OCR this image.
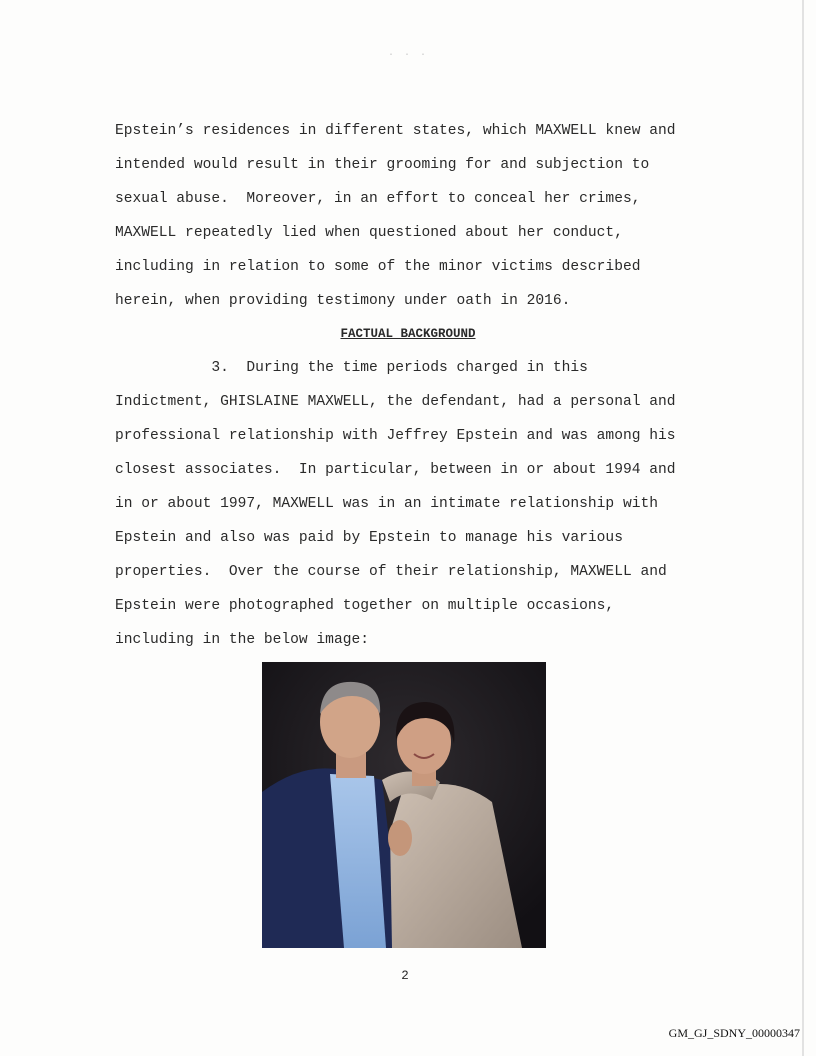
· · ·
Epstein’s residences in different states, which MAXWELL knew and
intended would result in their grooming for and subjection to
sexual abuse.  Moreover, in an effort to conceal her crimes,
MAXWELL repeatedly lied when questioned about her conduct,
including in relation to some of the minor victims described
herein, when providing testimony under oath in 2016.
FACTUAL BACKGROUND
3.  During the time periods charged in this
Indictment, GHISLAINE MAXWELL, the defendant, had a personal and
professional relationship with Jeffrey Epstein and was among his
closest associates.  In particular, between in or about 1994 and
in or about 1997, MAXWELL was in an intimate relationship with
Epstein and also was paid by Epstein to manage his various
properties.  Over the course of their relationship, MAXWELL and
Epstein were photographed together on multiple occasions,
including in the below image:
2
GM_GJ_SDNY_00000347
